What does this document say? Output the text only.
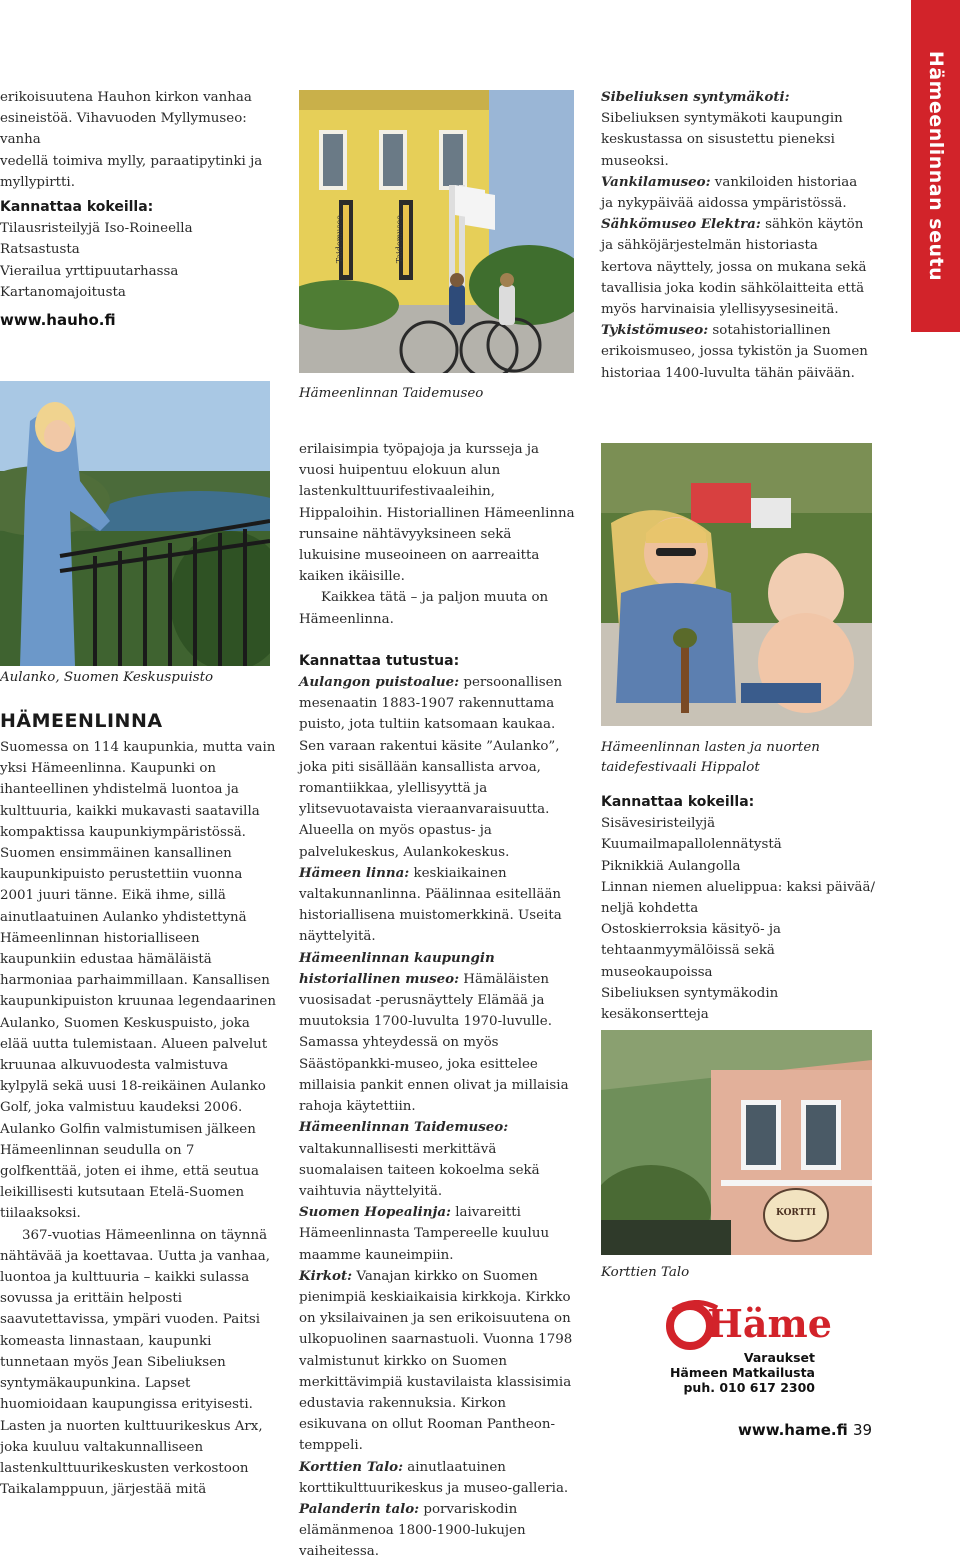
Hämeenlinnan seutu

erikoisuutena Hauhon kirkon vanhaa

esineistöä. Vihavuoden Myllymuseo: vanha

vedellä toimiva mylly, paraatipytinki ja

myllypirtti.

Kannattaa kokeilla:

Tilausristeilyjä Iso-Roineella

Ratsastusta

Vierailua yrttipuutarhassa

Kartanomajoitusta

www.hauho.fi

Taidemuseo	Taidemuseo
Hämeenlinnan Taidemuseo

Sibeliuksen syntymäkoti: Sibeliuksen syntymäkoti kaupungin keskustassa on sisustettu pieneksi museoksi.

Vankilamuseo: vankiloiden historiaa ja nykypäivää aidossa ympäristössä.

Sähkömuseo Elektra: sähkön käytön ja sähköjärjestelmän historiasta kertova näyttely, jossa on mukana sekä tavallisia joka kodin sähkölaitteita että myös harvinaisia ylellisyysesineitä.

Tykistömuseo: sotahistoriallinen erikoismuseo, jossa tykistön ja Suomen historiaa 1400-luvulta tähän päivään.

Aulanko, Suomen Keskuspuisto
HÄMEENLINNA

Suomessa on 114 kaupunkia, mutta vain yksi Hämeenlinna. Kaupunki on ihanteellinen yhdistelmä luontoa ja kulttuuria, kaikki mukavasti saatavilla kompaktissa kaupunkiympäristössä. Suomen ensimmäinen kansallinen kaupunkipuisto perustettiin vuonna 2001 juuri tänne. Eikä ihme, sillä ainutlaatuinen Aulanko yhdistettynä Hämeenlinnan historialliseen kaupunkiin edustaa hämäläistä harmoniaa parhaimmillaan. Kansallisen kaupunkipuiston kruunaa legendaarinen Aulanko, Suomen Keskuspuisto, joka elää uutta tulemistaan. Alueen palvelut kruunaa alkuvuodesta valmistuva kylpylä sekä uusi 18-reikäinen Aulanko Golf, joka valmistuu kaudeksi 2006. Aulanko Golfin valmistumisen jälkeen Hämeenlinnan seudulla on 7 golfkenttää, joten ei ihme, että seutua leikillisesti kutsutaan Etelä-Suomen tiilaaksoksi.

367-vuotias Hämeenlinna on täynnä nähtävää ja koettavaa. Uutta ja vanhaa, luontoa ja kulttuuria – kaikki sulassa sovussa ja erittäin helposti saavutettavissa, ympäri vuoden. Paitsi komeasta linnastaan, kaupunki tunnetaan myös Jean Sibeliuksen syntymäkaupunkina. Lapset huomioidaan kaupungissa erityisesti. Lasten ja nuorten kulttuurikeskus Arx, joka kuuluu valtakunnalliseen lastenkulttuurikeskusten verkostoon Taikalamppuun, järjestää mitä

erilaisimpia työpajoja ja kursseja ja vuosi huipentuu elokuun alun lastenkulttuurifestivaaleihin, Hippaloihin. Historiallinen Hämeenlinna runsaine nähtävyyksineen sekä lukuisine museoineen on aarreaitta kaiken ikäisille.

Kaikkea tätä – ja paljon muuta on Hämeenlinna.

Kannattaa tutustua:

Aulangon puistoalue: persoonallisen mesenaatin 1883-1907 rakennuttama puisto, jota tultiin katsomaan kaukaa. Sen varaan rakentui käsite ”Aulanko”, joka piti sisällään kansallista arvoa, romantiikkaa, ylellisyyttä ja ylitsevuotavaista vieraanvaraisuutta. Alueella on myös opastus- ja palvelukeskus, Aulankokeskus.

Hämeen linna: keskiaikainen valtakunnanlinna. Päälinnaa esitellään historiallisena muistomerkkinä. Useita näyttelyitä.

Hämeenlinnan kaupungin historiallinen museo: Hämäläisten vuosisadat -perusnäyttely Elämää ja muutoksia 1700-luvulta 1970-luvulle. Samassa yhteydessä on myös Säästöpankki-museo, joka esittelee millaisia pankit ennen olivat ja millaisia rahoja käytettiin.

Hämeenlinnan Taidemuseo: valtakunnallisesti merkittävä suomalaisen taiteen kokoelma sekä vaihtuvia näyttelyitä.

Suomen Hopealinja: laivareitti Hämeenlinnasta Tampereelle kuuluu maamme kauneimpiin.

Kirkot: Vanajan kirkko on Suomen pienimpiä keskiaikaisia kirkkoja. Kirkko on yksilaivainen ja sen erikoisuutena on ulkopuolinen saarnastuoli. Vuonna 1798 valmistunut kirkko on Suomen merkittävimpiä kustavilaista klassisimia edustavia rakennuksia. Kirkon esikuvana on ollut Rooman Pantheon-temppeli.

Korttien Talo: ainutlaatuinen korttikulttuurikeskus ja museo-galleria.

Palanderin talo: porvariskodin elämänmenoa 1800-1900-lukujen vaiheitessa.

Hämeenlinnan lasten ja nuorten taidefestivaali Hippalot

Kannattaa kokeilla:

Sisävesiristeilyjä

Kuumailmapallolennätystä

Piknikkiä Aulangolla

Linnan niemen aluelippua: kaksi päivää/ neljä kohdetta

Ostoskierroksia käsityö- ja tehtaanmyymälöissä sekä museokaupoissa

Sibeliuksen syntymäkodin kesäkonsertteja

KORTTI
Korttien Talo
Häme
Varaukset
Hämeen Matkailusta
puh. 010 617 2300
www.hame.fi 39
